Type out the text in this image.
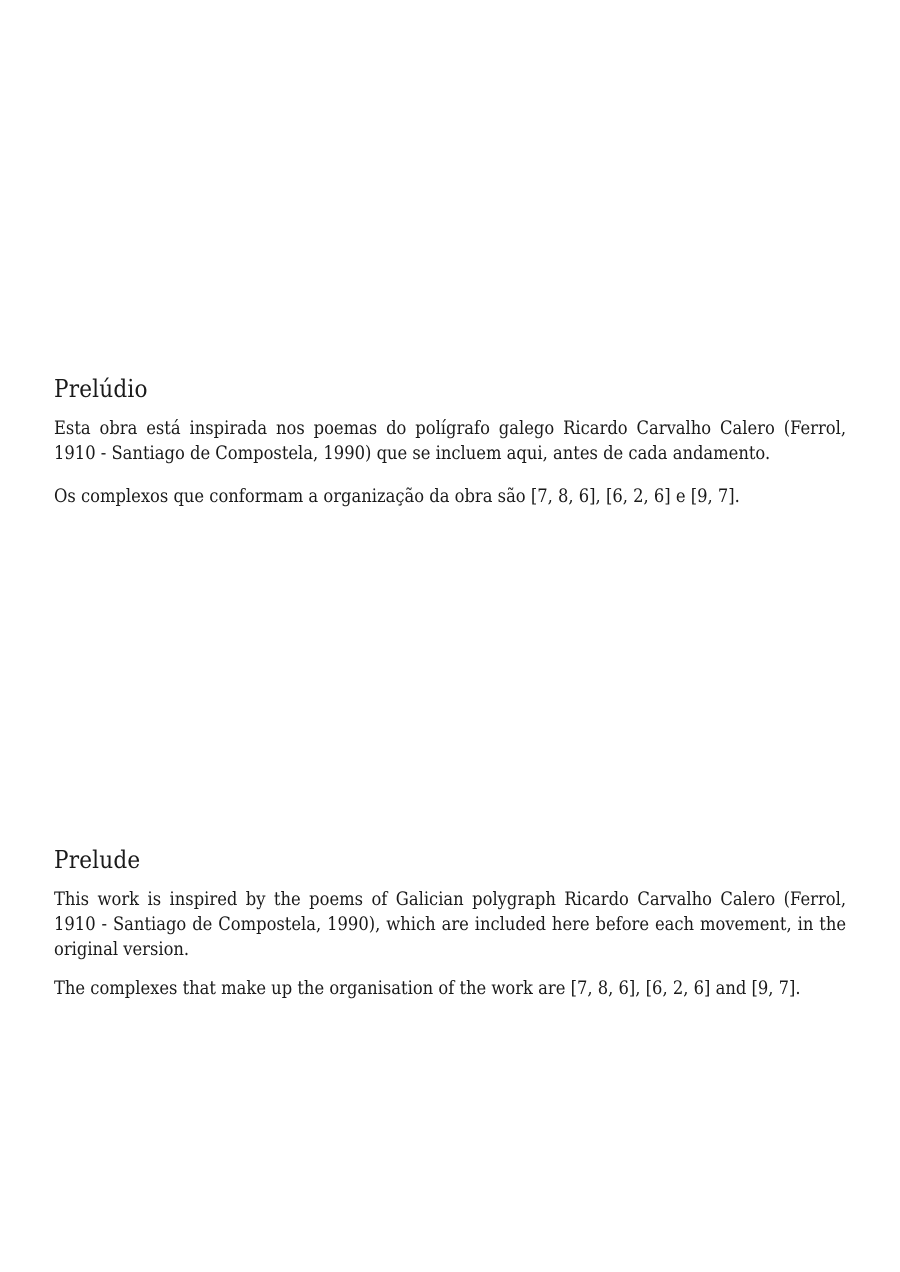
Prelúdio

Esta obra está inspirada nos poemas do polígrafo galego Ricardo Carvalho Calero (Ferrol, 1910 - Santiago de Compostela, 1990) que se incluem aqui, antes de cada andamento.

Os complexos que conformam a organização da obra são [7, 8, 6], [6, 2, 6] e [9, 7].

Prelude

This work is inspired by the poems of Galician polygraph Ricardo Carvalho Calero (Ferrol, 1910 - Santiago de Compostela, 1990), which are included here before each movement, in the original version.

The complexes that make up the organisation of the work are [7, 8, 6], [6, 2, 6] and [9, 7].
